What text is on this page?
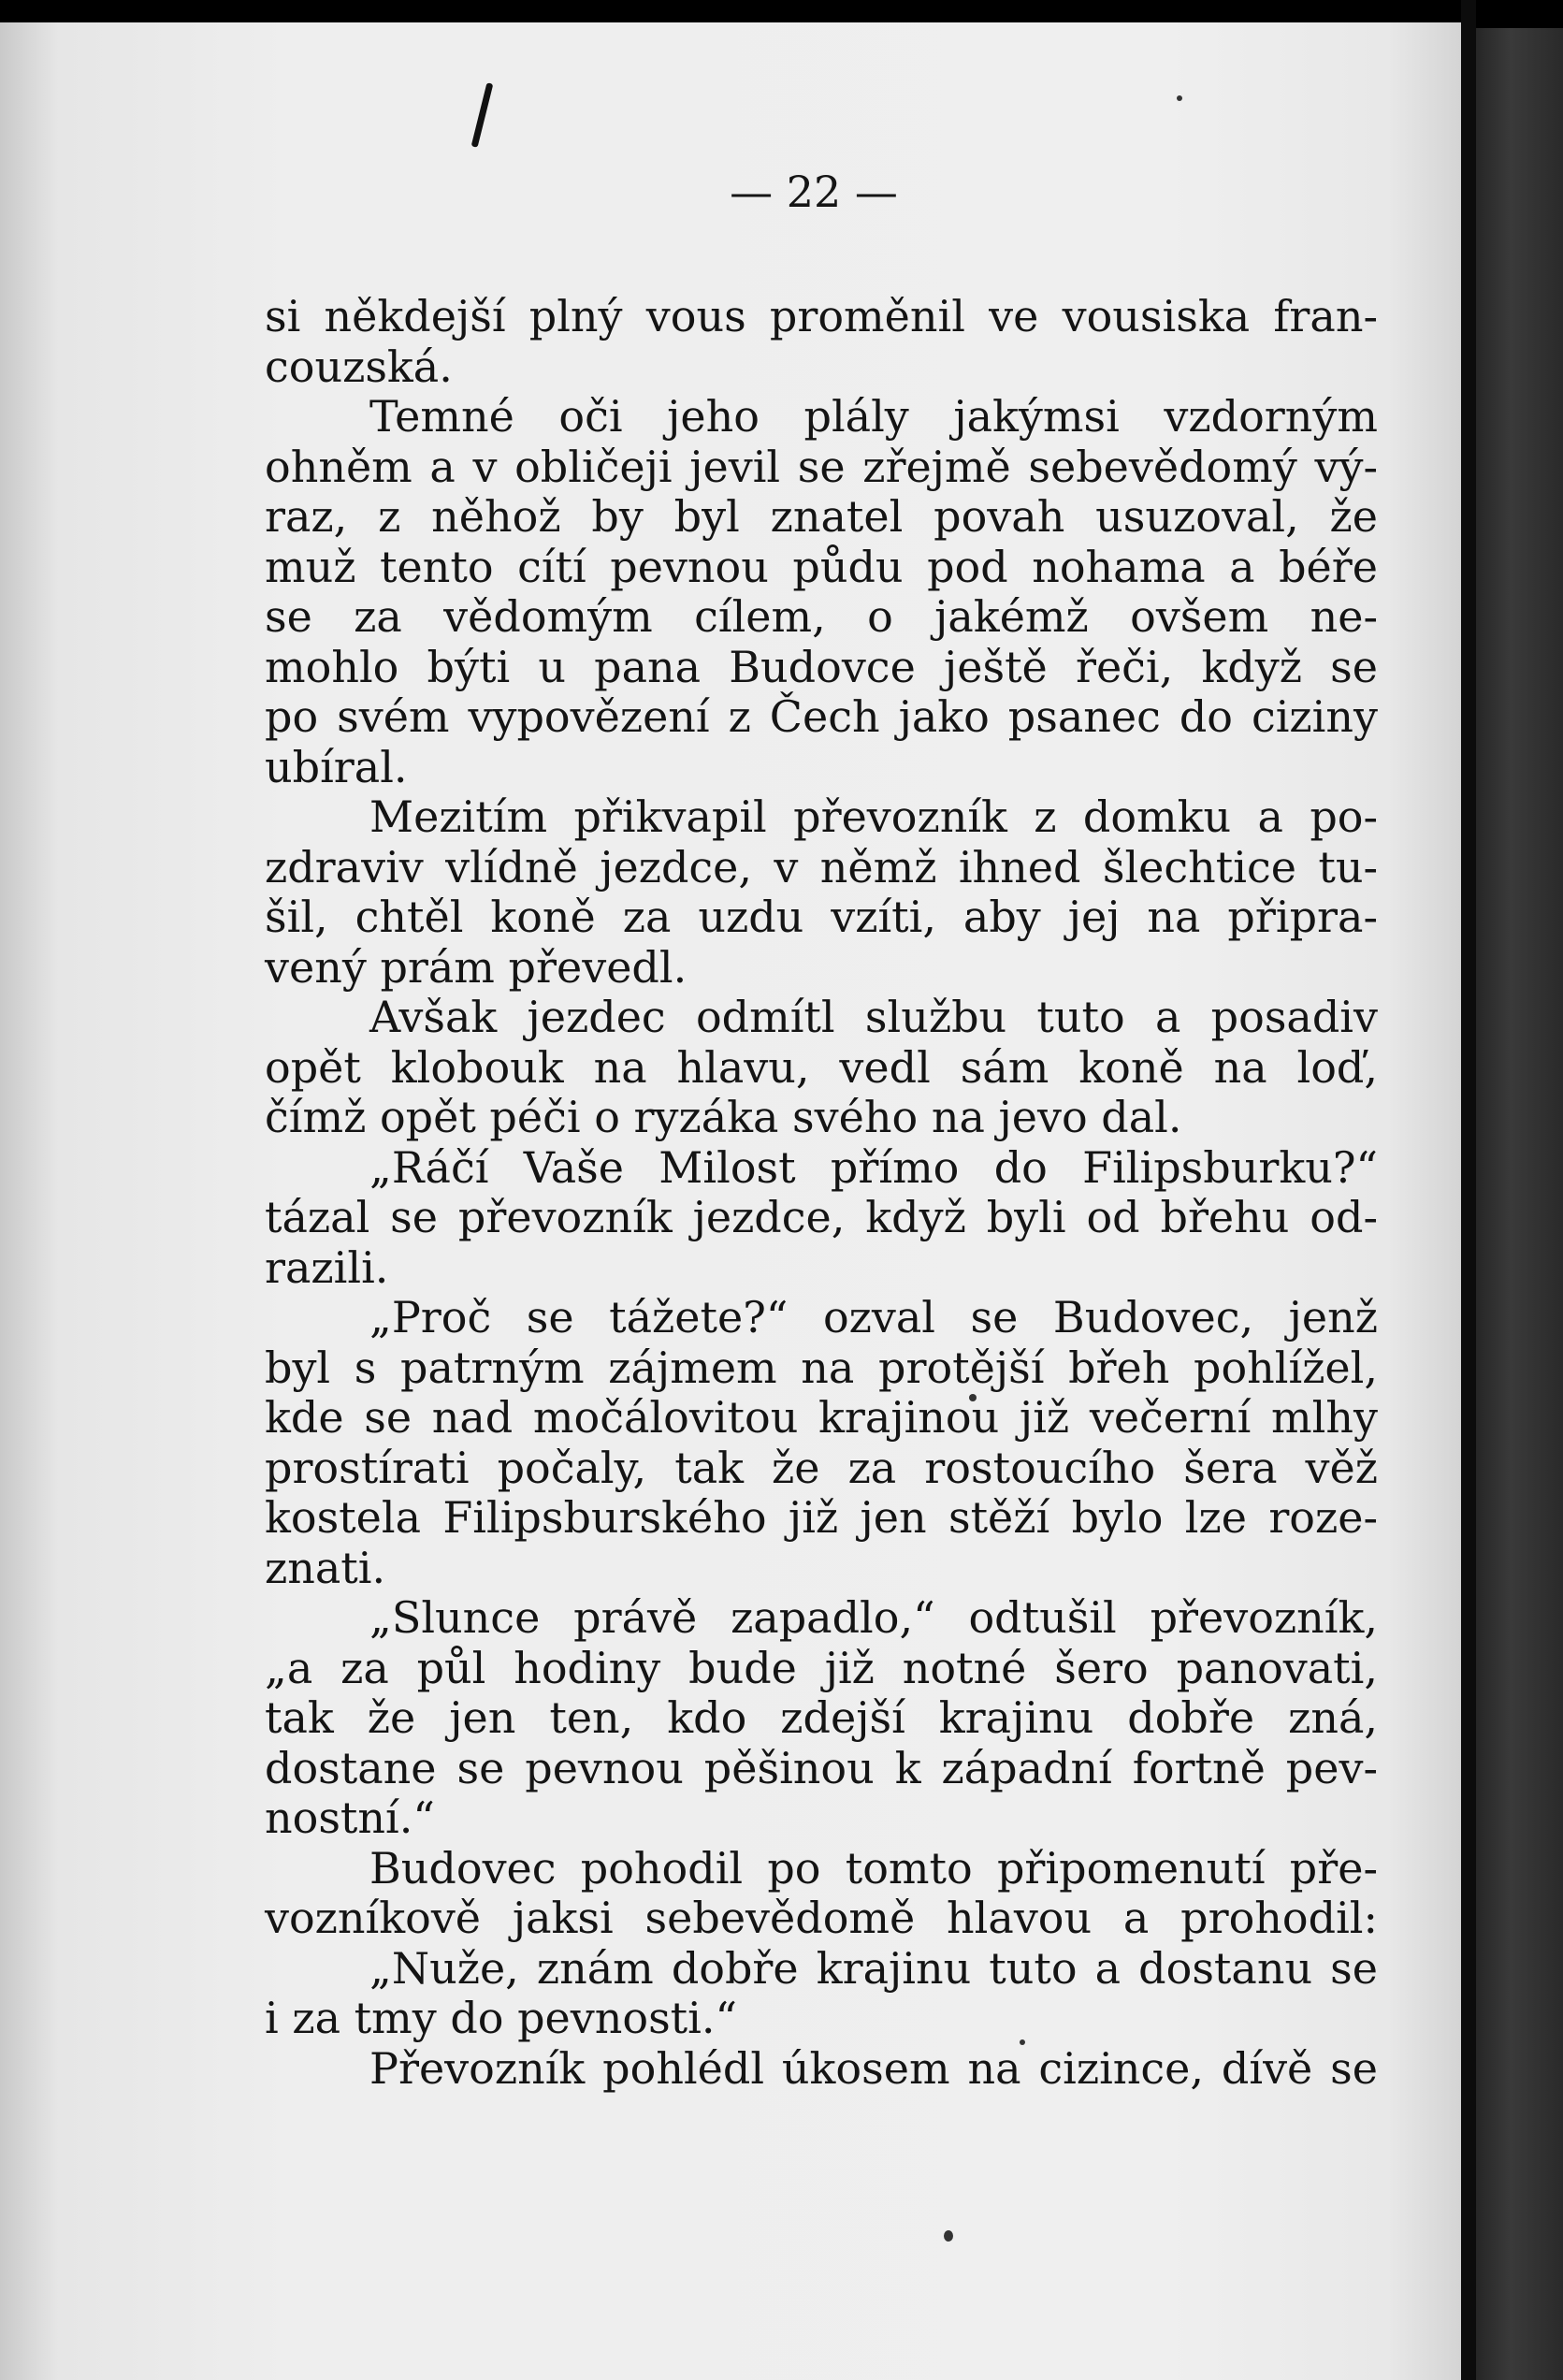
— 22 —
si někdejší plný vous proměnil ve vousiska fran-
couzská.
Temné oči jeho plály jakýmsi vzdorným
ohněm a v obličeji jevil se zřejmě sebevědomý vý-
raz, z něhož by byl znatel povah usuzoval, že
muž tento cítí pevnou půdu pod nohama a béře
se za vědomým cílem, o jakémž ovšem ne-
mohlo býti u pana Budovce ještě řeči, když se
po svém vypovězení z Čech jako psanec do ciziny
ubíral.
Mezitím přikvapil převozník z domku a po-
zdraviv vlídně jezdce, v němž ihned šlechtice tu-
šil, chtěl koně za uzdu vzíti, aby jej na připra-
vený prám převedl.
Avšak jezdec odmítl službu tuto a posadiv
opět klobouk na hlavu, vedl sám koně na loď,
čímž opět péči o ryzáka svého na jevo dal.
„Ráčí Vaše Milost přímo do Filipsburku?“
tázal se převozník jezdce, když byli od břehu od-
razili.
„Proč se tážete?“ ozval se Budovec, jenž
byl s patrným zájmem na protější břeh pohlížel,
kde se nad močálovitou krajinou již večerní mlhy
prostírati počaly, tak že za rostoucího šera věž
kostela Filipsburského již jen stěží bylo lze roze-
znati.
„Slunce právě zapadlo,“ odtušil převozník,
„a za půl hodiny bude již notné šero panovati,
tak že jen ten, kdo zdejší krajinu dobře zná,
dostane se pevnou pěšinou k západní fortně pev-
nostní.“
Budovec pohodil po tomto připomenutí pře-
vozníkově jaksi sebevědomě hlavou a prohodil:
„Nuže, znám dobře krajinu tuto a dostanu se
i za tmy do pevnosti.“
Převozník pohlédl úkosem na cizince, dívě se
